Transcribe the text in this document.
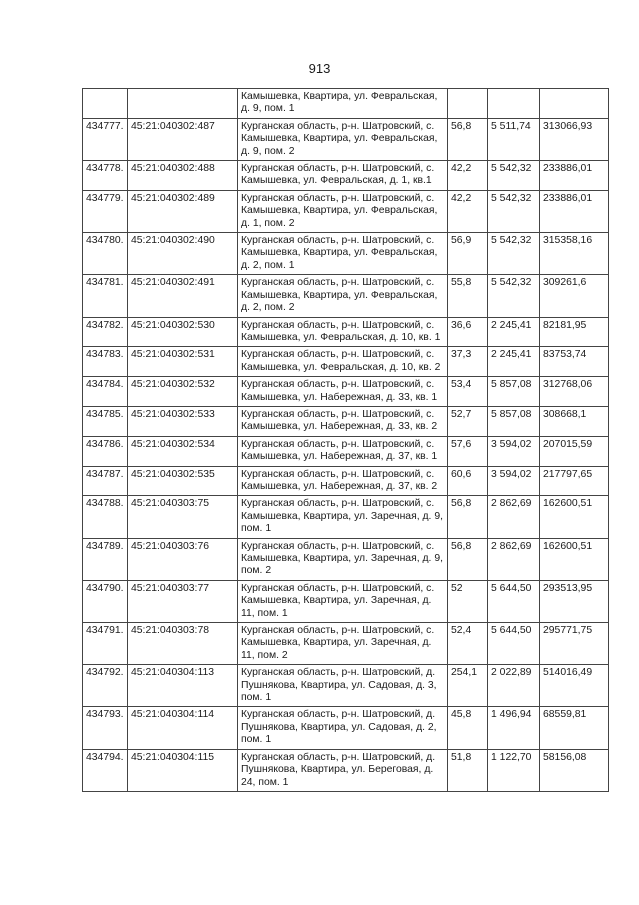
913
		Камышевка, Квартира, ул. Февральская, д. 9, пом. 1			
434777.	45:21:040302:487	Курганская область, р-н. Шатровский, с. Камышевка, Квартира, ул. Февральская, д. 9, пом. 2	56,8	5 511,74	313066,93
434778.	45:21:040302:488	Курганская область, р-н. Шатровский, с. Камышевка, ул. Февральская, д. 1, кв.1	42,2	5 542,32	233886,01
434779.	45:21:040302:489	Курганская область, р-н. Шатровский, с. Камышевка, Квартира, ул. Февральская, д. 1, пом. 2	42,2	5 542,32	233886,01
434780.	45:21:040302:490	Курганская область, р-н. Шатровский, с. Камышевка, Квартира, ул. Февральская, д. 2, пом. 1	56,9	5 542,32	315358,16
434781.	45:21:040302:491	Курганская область, р-н. Шатровский, с. Камышевка, Квартира, ул. Февральская, д. 2, пом. 2	55,8	5 542,32	309261,6
434782.	45:21:040302:530	Курганская область, р-н. Шатровский, с. Камышевка, ул. Февральская, д. 10, кв. 1	36,6	2 245,41	82181,95
434783.	45:21:040302:531	Курганская область, р-н. Шатровский, с. Камышевка, ул. Февральская, д. 10, кв. 2	37,3	2 245,41	83753,74
434784.	45:21:040302:532	Курганская область, р-н. Шатровский, с. Камышевка, ул. Набережная, д. 33, кв. 1	53,4	5 857,08	312768,06
434785.	45:21:040302:533	Курганская область, р-н. Шатровский, с. Камышевка, ул. Набережная, д. 33, кв. 2	52,7	5 857,08	308668,1
434786.	45:21:040302:534	Курганская область, р-н. Шатровский, с. Камышевка, ул. Набережная, д. 37, кв. 1	57,6	3 594,02	207015,59
434787.	45:21:040302:535	Курганская область, р-н. Шатровский, с. Камышевка, ул. Набережная, д. 37, кв. 2	60,6	3 594,02	217797,65
434788.	45:21:040303:75	Курганская область, р-н. Шатровский, с. Камышевка, Квартира, ул. Заречная, д. 9, пом. 1	56,8	2 862,69	162600,51
434789.	45:21:040303:76	Курганская область, р-н. Шатровский, с. Камышевка, Квартира, ул. Заречная, д. 9, пом. 2	56,8	2 862,69	162600,51
434790.	45:21:040303:77	Курганская область, р-н. Шатровский, с. Камышевка, Квартира, ул. Заречная, д. 11, пом. 1	52	5 644,50	293513,95
434791.	45:21:040303:78	Курганская область, р-н. Шатровский, с. Камышевка, Квартира, ул. Заречная, д. 11, пом. 2	52,4	5 644,50	295771,75
434792.	45:21:040304:113	Курганская область, р-н. Шатровский, д. Пушнякова, Квартира, ул. Садовая, д. 3, пом. 1	254,1	2 022,89	514016,49
434793.	45:21:040304:114	Курганская область, р-н. Шатровский, д. Пушнякова, Квартира, ул. Садовая, д. 2, пом. 1	45,8	1 496,94	68559,81
434794.	45:21:040304:115	Курганская область, р-н. Шатровский, д. Пушнякова, Квартира, ул. Береговая, д. 24, пом. 1	51,8	1 122,70	58156,08
